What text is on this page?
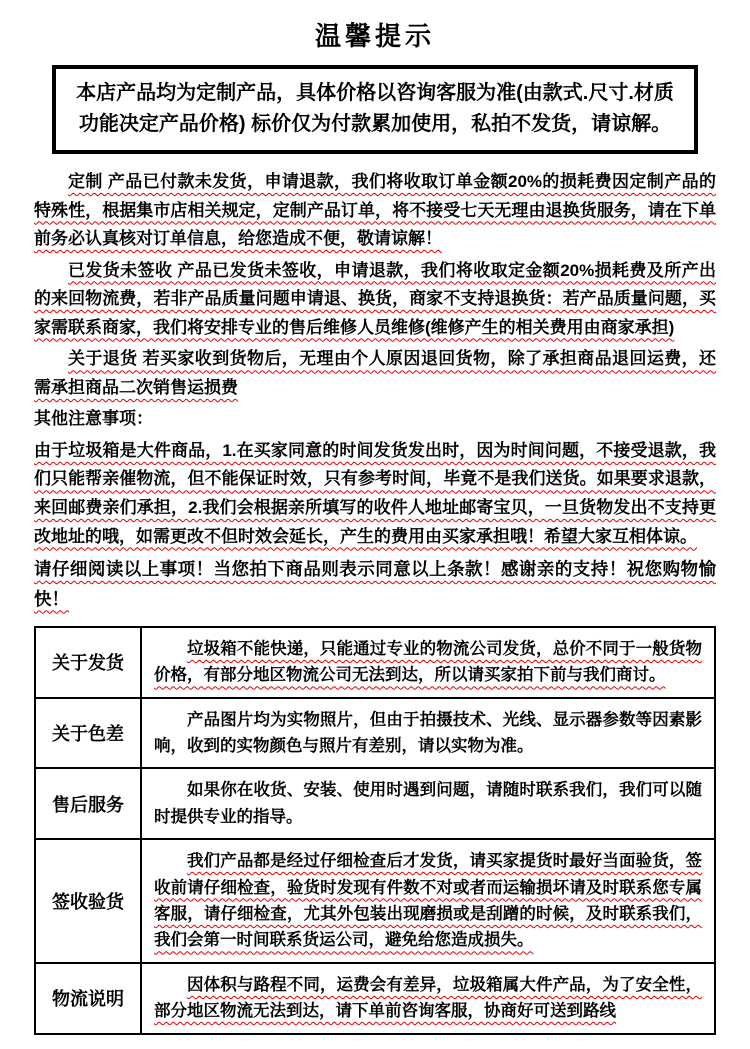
温馨提示
本店产品均为定制产品，具体价格以咨询客服为准(由款式.尺寸.材质
功能决定产品价格) 标价仅为付款累加使用，私拍不发货，请谅解。

定制 产品已付款未发货，申请退款，我们将收取订单金额20%的损耗费因定制产品的特殊性，根据集市店相关规定，定制产品订单，将不接受七天无理由退换货服务，请在下单前务必认真核对订单信息，给您造成不便，敬请谅解！

已发货未签收 产品已发货未签收，申请退款，我们将收取定金额20%损耗费及所产出的来回物流费，若非产品质量问题申请退、换货，商家不支持退换货：若产品质量问题，买家需联系商家，我们将安排专业的售后维修人员维修(维修产生的相关费用由商家承担)

关于退货 若买家收到货物后，无理由个人原因退回货物，除了承担商品退回运费，还需承担商品二次销售运损费

其他注意事项：

由于垃圾箱是大件商品，1.在买家同意的时间发货发出时，因为时间问题，不接受退款，我们只能帮亲催物流，但不能保证时效，只有参考时间，毕竟不是我们送货。如果要求退款，来回邮费亲们承担，2.我们会根据亲所填写的收件人地址邮寄宝贝，一旦货物发出不支持更改地址的哦，如需更改不但时效会延长，产生的费用由买家承担哦！希望大家互相体谅。

请仔细阅读以上事项！当您拍下商品则表示同意以上条款！感谢亲的支持！祝您购物愉快！

关于发货	垃圾箱不能快递，只能通过专业的物流公司发货，总价不同于一般货物价格，有部分地区物流公司无法到达，所以请买家拍下前与我们商讨。
关于色差	产品图片均为实物照片，但由于拍摄技术、光线、显示器参数等因素影响，收到的实物颜色与照片有差别，请以实物为准。
售后服务	如果你在收货、安装、使用时遇到问题，请随时联系我们，我们可以随时提供专业的指导。
签收验货	我们产品都是经过仔细检查后才发货，请买家提货时最好当面验货，签收前请仔细检查，验货时发现有件数不对或者而运输损坏请及时联系您专属客服，请仔细检查，尤其外包装出现磨损或是刮蹭的时候，及时联系我们，我们会第一时间联系货运公司，避免给您造成损失。
物流说明	因体积与路程不同，运费会有差异，垃圾箱属大件产品，为了安全性，部分地区物流无法到达，请下单前咨询客服，协商好可送到路线
